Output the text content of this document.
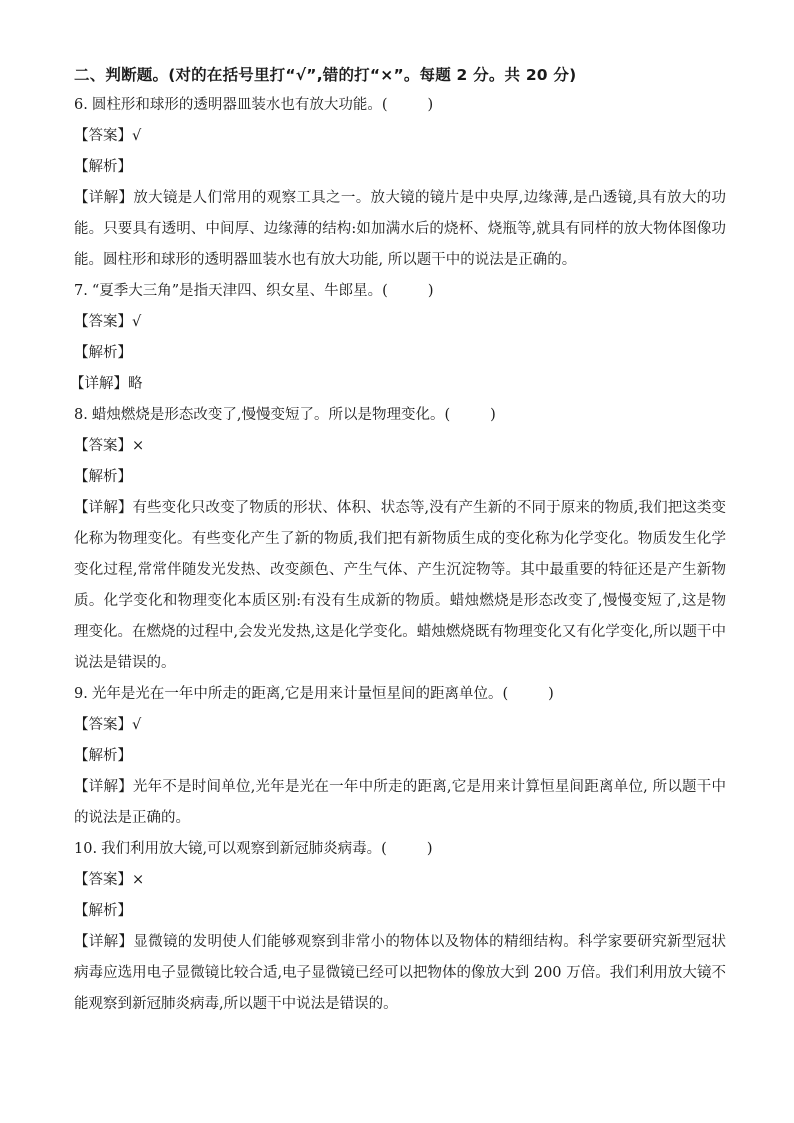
二、判断题。(对的在括号里打“√”,错的打“×”。每题 2 分。共 20 分)

6. 圆柱形和球形的透明器皿装水也有放大功能。(	)

【答案】√

【解析】

【详解】放大镜是人们常用的观察工具之一。放大镜的镜片是中央厚,边缘薄,是凸透镜,具有放大的功能。只要具有透明、中间厚、边缘薄的结构:如加满水后的烧杯、烧瓶等,就具有同样的放大物体图像功能。圆柱形和球形的透明器皿装水也有放大功能, 所以题干中的说法是正确的。

7. “夏季大三角”是指天津四、织女星、牛郎星。(	)

【答案】√

【解析】

【详解】略

8. 蜡烛燃烧是形态改变了,慢慢变短了。所以是物理变化。(	)

【答案】×

【解析】

【详解】有些变化只改变了物质的形状、体积、状态等,没有产生新的不同于原来的物质,我们把这类变化称为物理变化。有些变化产生了新的物质,我们把有新物质生成的变化称为化学变化。物质发生化学变化过程,常常伴随发光发热、改变颜色、产生气体、产生沉淀物等。其中最重要的特征还是产生新物质。化学变化和物理变化本质区别:有没有生成新的物质。蜡烛燃烧是形态改变了,慢慢变短了,这是物理变化。在燃烧的过程中,会发光发热,这是化学变化。蜡烛燃烧既有物理变化又有化学变化,所以题干中说法是错误的。

9. 光年是光在一年中所走的距离,它是用来计量恒星间的距离单位。(	)

【答案】√

【解析】

【详解】光年不是时间单位,光年是光在一年中所走的距离,它是用来计算恒星间距离单位, 所以题干中的说法是正确的。

10. 我们利用放大镜,可以观察到新冠肺炎病毒。(	)

【答案】×

【解析】

【详解】显微镜的发明使人们能够观察到非常小的物体以及物体的精细结构。科学家要研究新型冠状病毒应选用电子显微镜比较合适,电子显微镜已经可以把物体的像放大到 200 万倍。我们利用放大镜不能观察到新冠肺炎病毒,所以题干中说法是错误的。
